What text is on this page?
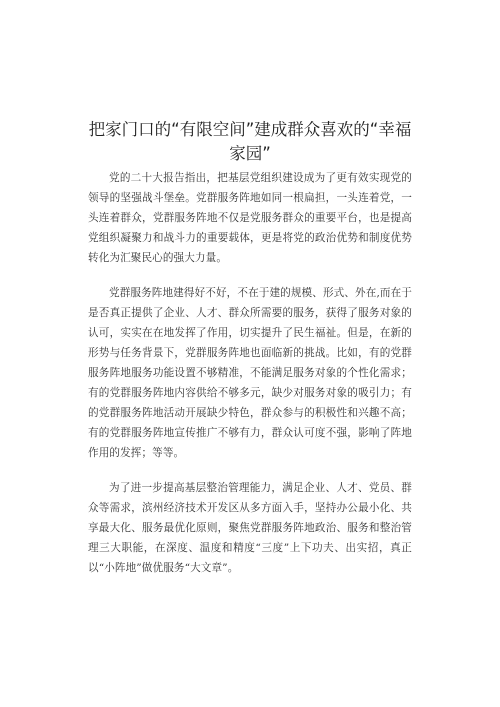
把家门口的“有限空间”建成群众喜欢的“幸福家园”

党的二十大报告指出，把基层党组织建设成为了更有效实现党的领导的坚强战斗堡垒。党群服务阵地如同一根扁担，一头连着党，一头连着群众，党群服务阵地不仅是党服务群众的重要平台，也是提高党组织凝聚力和战斗力的重要载体，更是将党的政治优势和制度优势转化为汇聚民心的强大力量。

党群服务阵地建得好不好，不在于建的规模、形式、外在,而在于是否真正提供了企业、人才、群众所需要的服务，获得了服务对象的认可，实实在在地发挥了作用，切实提升了民生福祉。但是，在新的形势与任务背景下，党群服务阵地也面临新的挑战。比如，有的党群服务阵地服务功能设置不够精准，不能满足服务对象的个性化需求；有的党群服务阵地内容供给不够多元，缺少对服务对象的吸引力；有的党群服务阵地活动开展缺少特色，群众参与的积极性和兴趣不高；有的党群服务阵地宣传推广不够有力，群众认可度不强，影响了阵地作用的发挥；等等。

为了进一步提高基层整治管理能力，满足企业、人才、党员、群众等需求，滨州经济技术开发区从多方面入手，坚持办公最小化、共享最大化、服务最优化原则，聚焦党群服务阵地政治、服务和整治管理三大职能，在深度、温度和精度“三度”上下功夫、出实招，真正以“小阵地”做优服务“大文章”。
